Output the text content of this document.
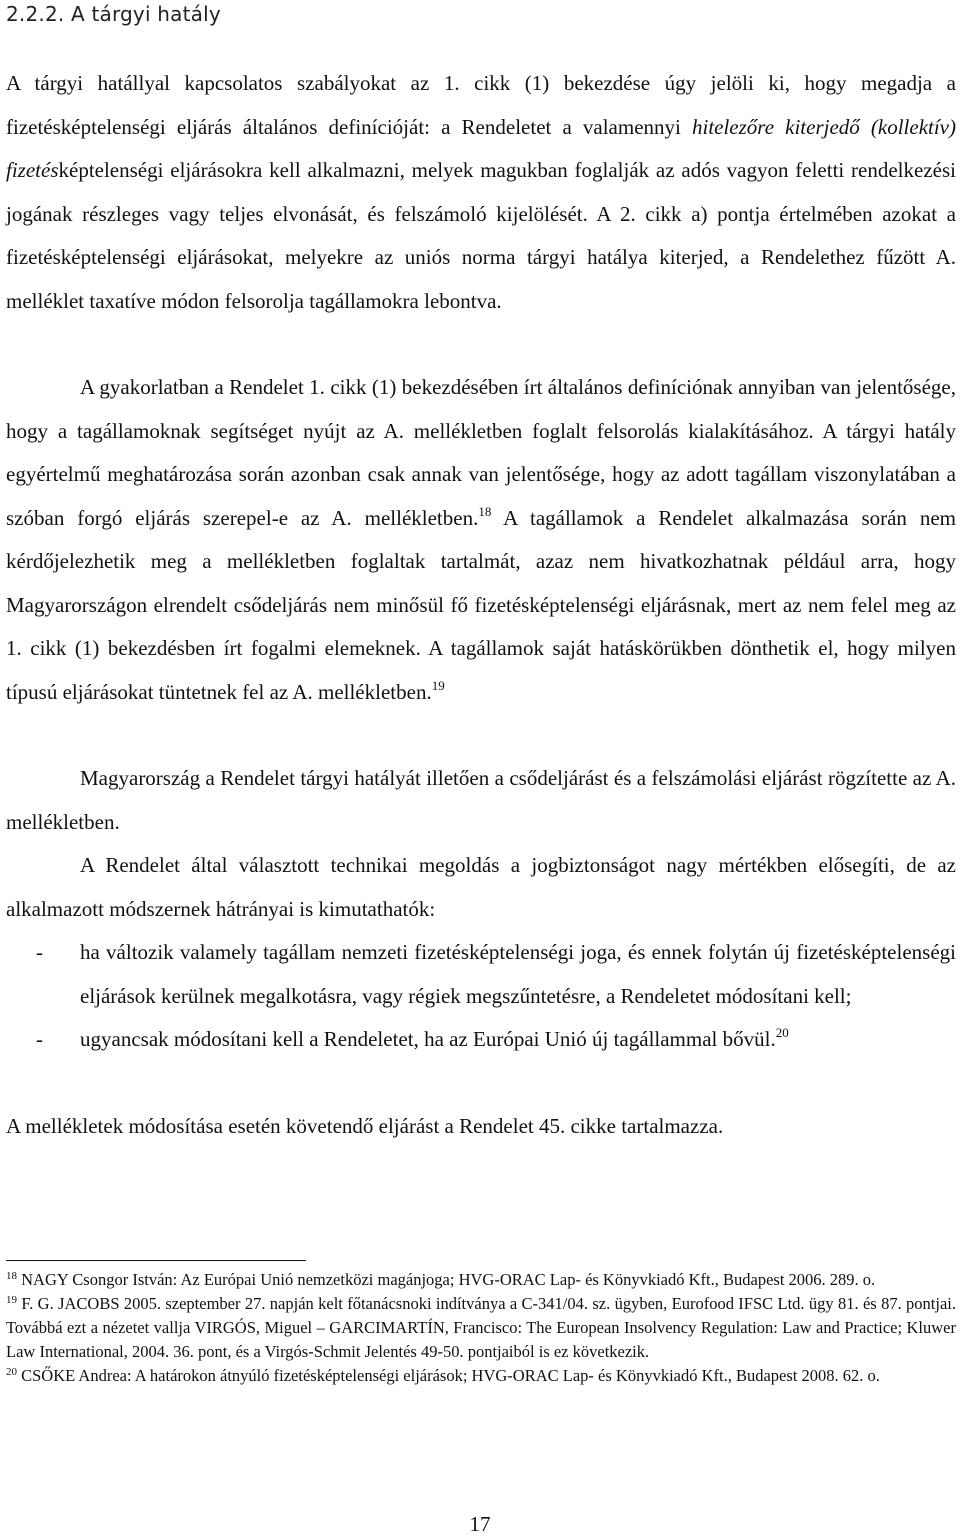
2.2.2. A tárgyi hatály

A tárgyi hatállyal kapcsolatos szabályokat az 1. cikk (1) bekezdése úgy jelöli ki, hogy megadja a fizetésképtelenségi eljárás általános definícióját: a Rendeletet a valamennyi hitelezőre kiterjedő (kollektív) fizetésképtelenségi eljárásokra kell alkalmazni, melyek magukban foglalják az adós vagyon feletti rendelkezési jogának részleges vagy teljes elvonását, és felszámoló kijelölését. A 2. cikk a) pontja értelmében azokat a fizetésképtelenségi eljárásokat, melyekre az uniós norma tárgyi hatálya kiterjed, a Rendelethez fűzött A. melléklet taxatíve módon felsorolja tagállamokra lebontva.

A gyakorlatban a Rendelet 1. cikk (1) bekezdésében írt általános definíciónak annyiban van jelentősége, hogy a tagállamoknak segítséget nyújt az A. mellékletben foglalt felsorolás kialakításához. A tárgyi hatály egyértelmű meghatározása során azonban csak annak van jelentősége, hogy az adott tagállam viszonylatában a szóban forgó eljárás szerepel-e az A. mellékletben.$^{18}$ A tagállamok a Rendelet alkalmazása során nem kérdőjelezhetik meg a mellékletben foglaltak tartalmát, azaz nem hivatkozhatnak például arra, hogy Magyarországon elrendelt csődeljárás nem minősül fő fizetésképtelenségi eljárásnak, mert az nem felel meg az 1. cikk (1) bekezdésben írt fogalmi elemeknek. A tagállamok saját hatáskörükben dönthetik el, hogy milyen típusú eljárásokat tüntetnek fel az A. mellékletben.$^{19}$

Magyarország a Rendelet tárgyi hatályát illetően a csődeljárást és a felszámolási eljárást rögzítette az A. mellékletben.

A Rendelet által választott technikai megoldás a jogbiztonságot nagy mértékben elősegíti, de az alkalmazott módszernek hátrányai is kimutathatók:

- ha változik valamely tagállam nemzeti fizetésképtelenségi joga, és ennek folytán új fizetésképtelenségi eljárások kerülnek megalkotásra, vagy régiek megszűntetésre, a Rendeletet módosítani kell;
- ugyancsak módosítani kell a Rendeletet, ha az Európai Unió új tagállammal bővül.$^{20}$
A mellékletek módosítása esetén követendő eljárást a Rendelet 45. cikke tartalmazza.

$^{18}$ NAGY Csongor István: Az Európai Unió nemzetközi magánjoga; HVG-ORAC Lap- és Könyvkiadó Kft., Budapest 2006. 289. o.

$^{19}$ F. G. JACOBS 2005. szeptember 27. napján kelt főtanácsnoki indítványa a C-341/04. sz. ügyben, Eurofood IFSC Ltd. ügy 81. és 87. pontjai. Továbbá ezt a nézetet vallja VIRGÓS, Miguel – GARCIMARTÍN, Francisco: The European Insolvency Regulation: Law and Practice; Kluwer Law International, 2004. 36. pont, és a Virgós-Schmit Jelentés 49-50. pontjaiból is ez következik.

$^{20}$ CSŐKE Andrea: A határokon átnyúló fizetésképtelenségi eljárások; HVG-ORAC Lap- és Könyvkiadó Kft., Budapest 2008. 62. o.

17
